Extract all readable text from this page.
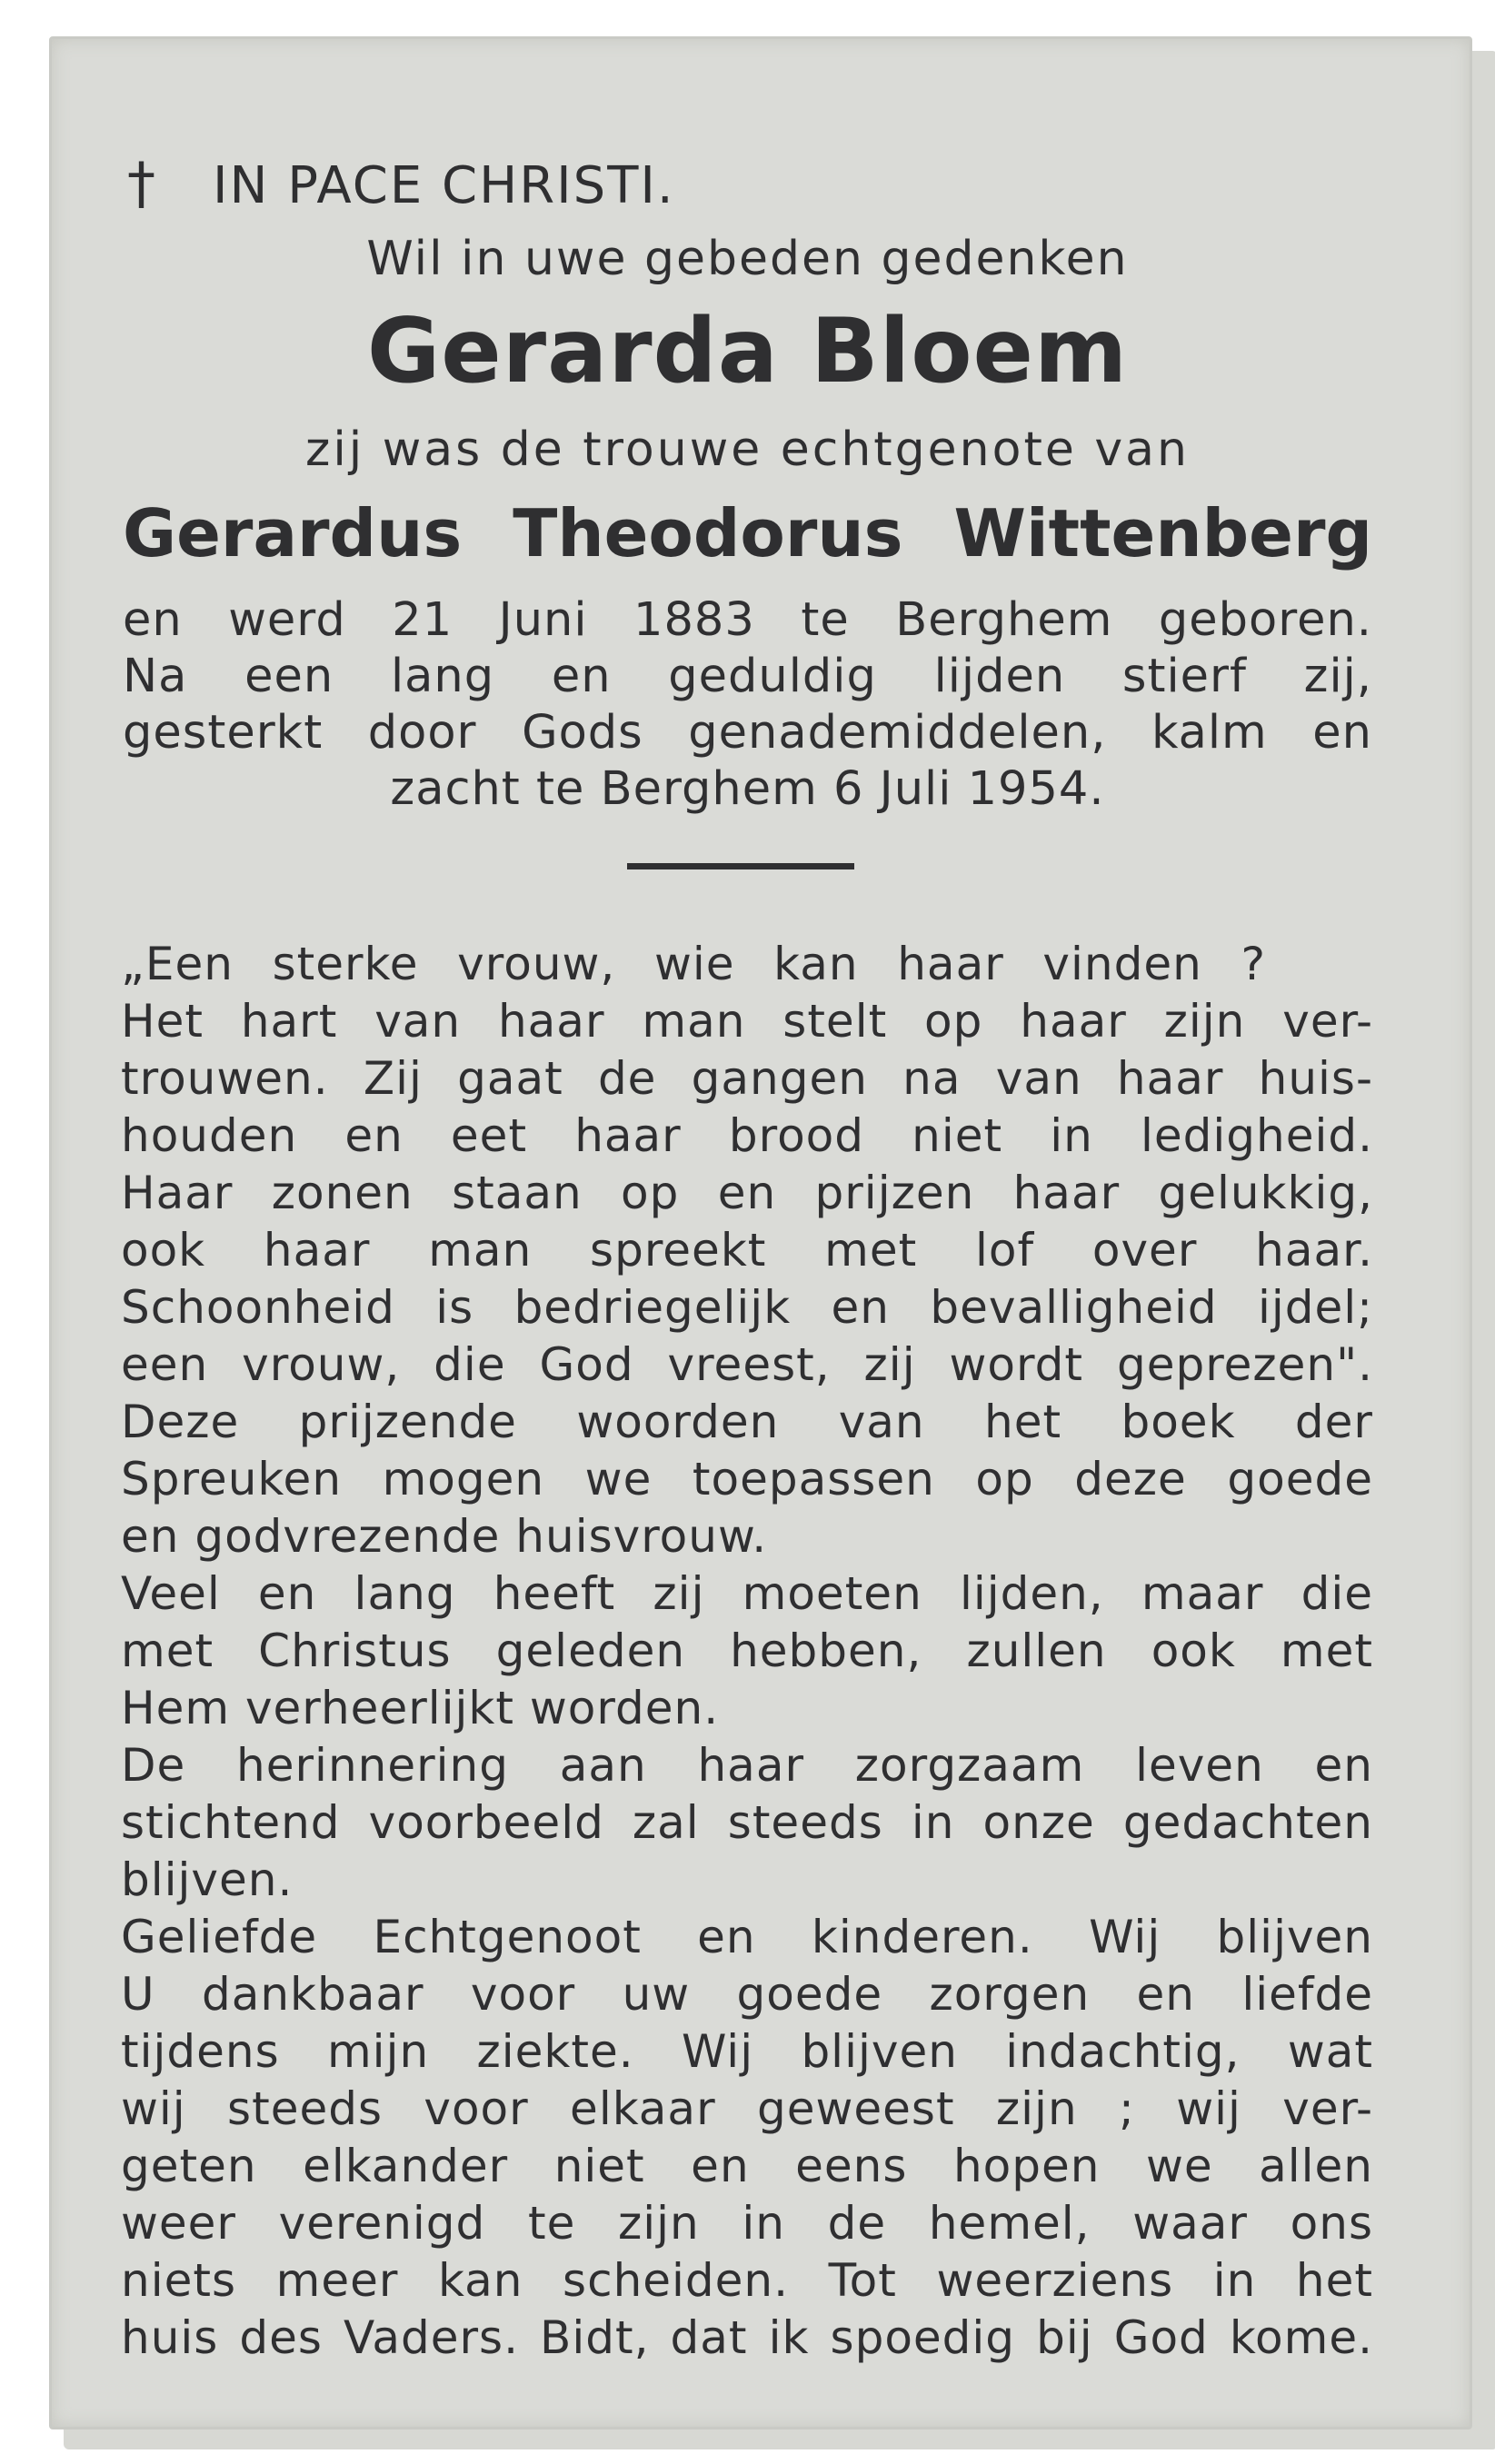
† IN PACE CHRISTI.
Wil in uwe gebeden gedenken
Gerarda Bloem
zij was de trouwe echtgenote van
Gerardus Theodorus Wittenberg
en werd 21 Juni 1883 te Berghem geboren.
Na een lang en geduldig lijden stierf zij,
gesterkt door Gods genademiddelen, kalm en
zacht te Berghem 6 Juli 1954.
„Een sterke vrouw, wie kan haar vinden ?
Het hart van haar man stelt op haar zijn ver-
trouwen. Zij gaat de gangen na van haar huis-
houden en eet haar brood niet in ledigheid.
Haar zonen staan op en prijzen haar gelukkig,
ook haar man spreekt met lof over haar.
Schoonheid is bedriegelijk en bevalligheid ijdel;
een vrouw, die God vreest, zij wordt geprezen".
Deze prijzende woorden van het boek der
Spreuken mogen we toepassen op deze goede
en godvrezende huisvrouw.
Veel en lang heeft zij moeten lijden, maar die
met Christus geleden hebben, zullen ook met
Hem verheerlijkt worden.
De herinnering aan haar zorgzaam leven en
stichtend voorbeeld zal steeds in onze gedachten
blijven.
Geliefde Echtgenoot en kinderen. Wij blijven
U dankbaar voor uw goede zorgen en liefde
tijdens mijn ziekte. Wij blijven indachtig, wat
wij steeds voor elkaar geweest zijn ; wij ver-
geten elkander niet en eens hopen we allen
weer verenigd te zijn in de hemel, waar ons
niets meer kan scheiden. Tot weerziens in het
huis des Vaders. Bidt, dat ik spoedig bij God kome.
